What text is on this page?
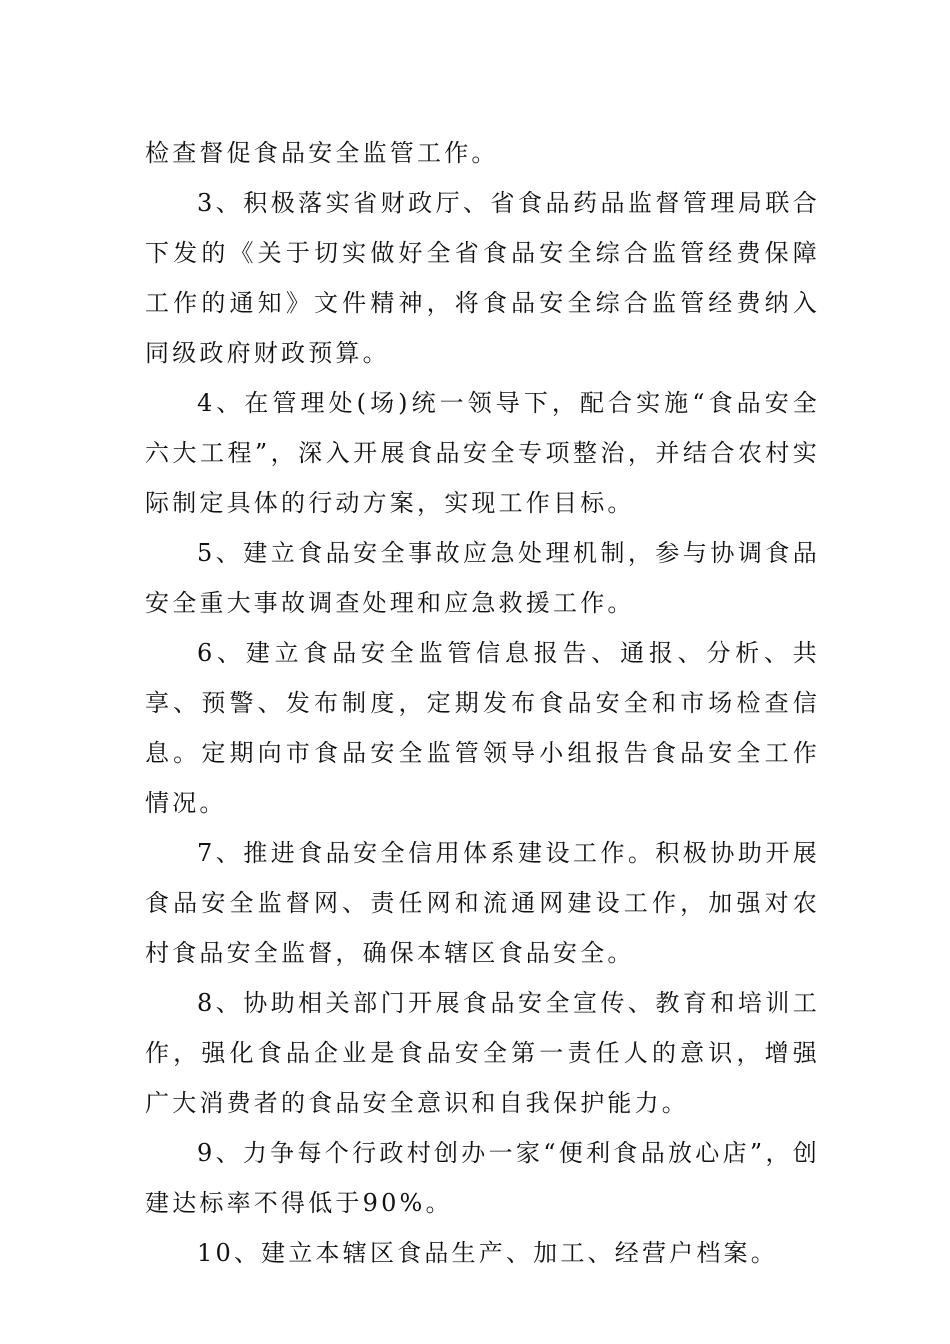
检查督促食品安全监管工作。

3、积极落实省财政厅、省食品药品监督管理局联合下发的《关于切实做好全省食品安全综合监管经费保障工作的通知》文件精神，将食品安全综合监管经费纳入同级政府财政预算。

4、在管理处(场)统一领导下，配合实施“食品安全六大工程”，深入开展食品安全专项整治，并结合农村实际制定具体的行动方案，实现工作目标。

5、建立食品安全事故应急处理机制，参与协调食品安全重大事故调查处理和应急救援工作。

6、建立食品安全监管信息报告、通报、分析、共享、预警、发布制度，定期发布食品安全和市场检查信息。定期向市食品安全监管领导小组报告食品安全工作情况。

7、推进食品安全信用体系建设工作。积极协助开展食品安全监督网、责任网和流通网建设工作，加强对农村食品安全监督，确保本辖区食品安全。

8、协助相关部门开展食品安全宣传、教育和培训工作，强化食品企业是食品安全第一责任人的意识，增强广大消费者的食品安全意识和自我保护能力。

9、力争每个行政村创办一家“便利食品放心店”，创建达标率不得低于90%。

10、建立本辖区食品生产、加工、经营户档案。
